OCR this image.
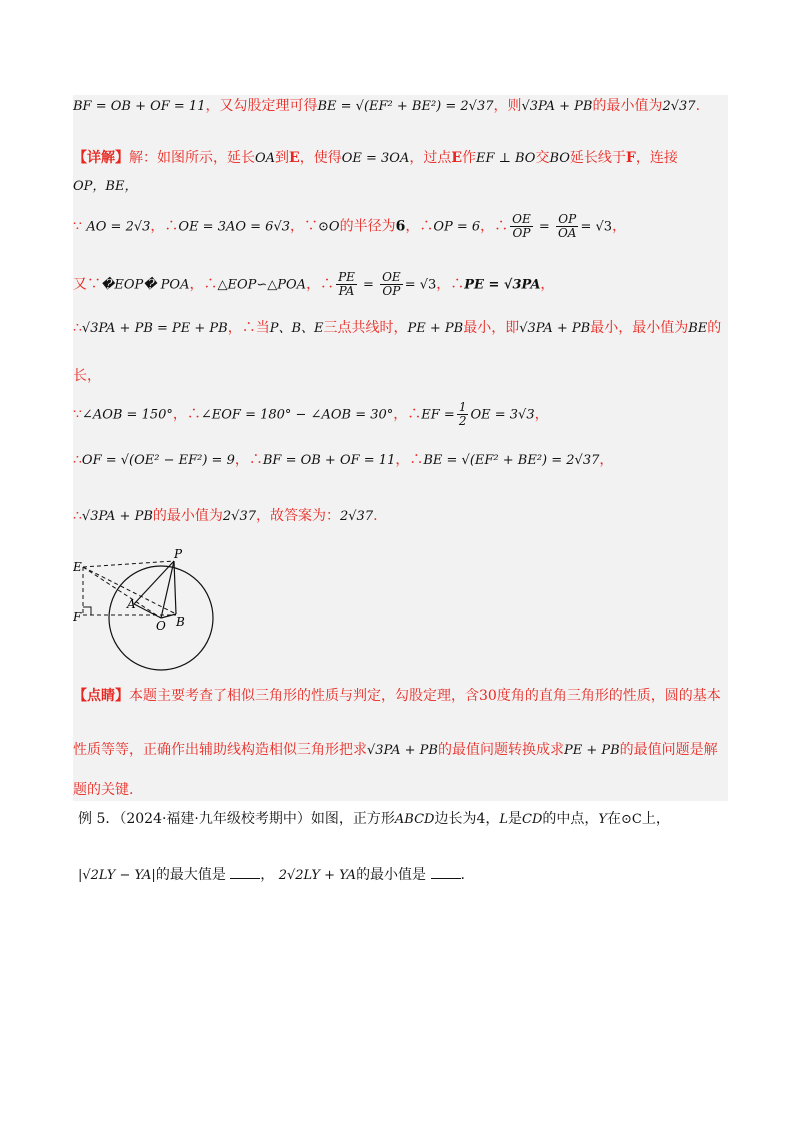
BF = OB + OF = 11，又勾股定理可得BE = √(EF² + BE²) = 2√37，则√3PA + PB的最小值为2√37.
【详解】解：如图所示，延长OA到E，使得OE = 3OA，过点E作EF ⊥ BO交BO延长线于F，连接
OP，BE，
∵ AO = 2√3，∴OE = 3AO = 6√3，∵⊙O的半径为6，∴OP = 6，∴ $\frac{OE}{OP} = \frac{OP}{OA} = √3$，
又∵�EOP� POA，∴△EOP∽△POA，∴ $\frac{PE}{PA} = \frac{OE}{OP} = √3$，∴PE = √3PA，
∴√3PA + PB = PE + PB，∴当P、B、E三点共线时，PE + PB最小，即√3PA + PB最小，最小值为BE的
长，
∵∠AOB = 150°，∴∠EOF = 180° − ∠AOB = 30°，∴EF = $\frac{1}{2}$ OE = 3√3，
∴OF = √(OE² − EF²) = 9，∴BF = OB + OF = 11，∴BE = √(EF² + BE²) = 2√37，
∴√3PA + PB的最小值为2√37，故答案为：2√37.
【点睛】本题主要考查了相似三角形的性质与判定，勾股定理，含30度角的直角三角形的性质，圆的基本
性质等等，正确作出辅助线构造相似三角形把求√3PA + PB的最值问题转换成求PE + PB的最值问题是解
题的关键.
P
E
A
F
O B
例 5．（2024·福建·九年级校考期中）如图，正方形ABCD边长为4，L是CD的中点，Y在⊙C上，
|√2LY − YA|的最大值是 ， 2√2LY + YA的最小值是 .
